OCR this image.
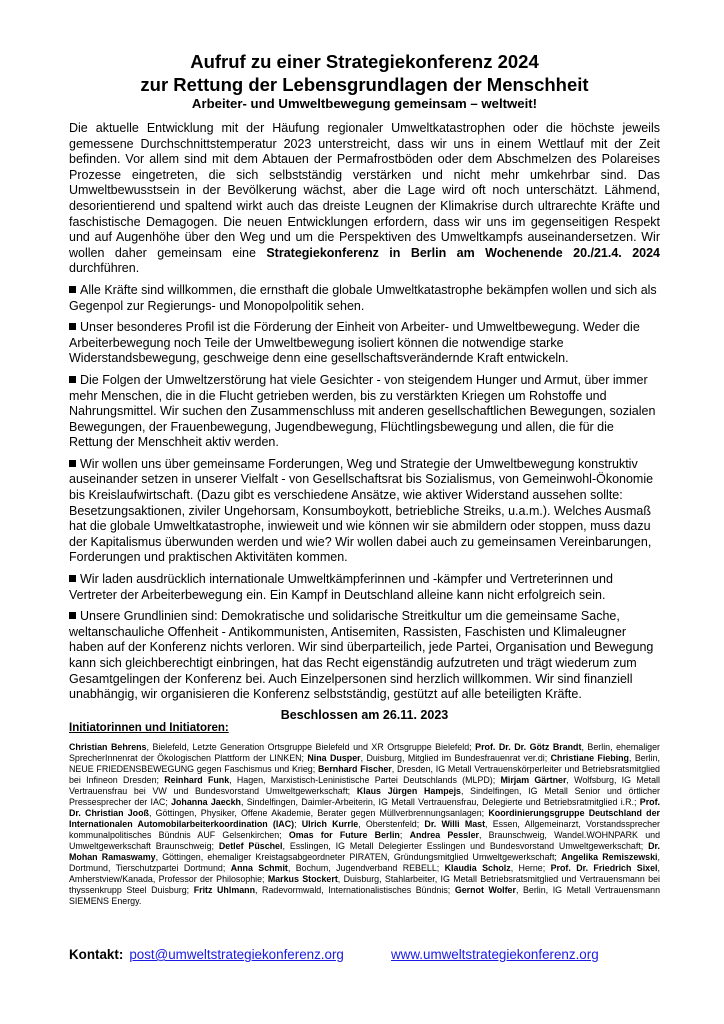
Aufruf zu einer Strategiekonferenz 2024
zur Rettung der Lebensgrundlagen der Menschheit
Arbeiter- und Umweltbewegung gemeinsam – weltweit!

Die aktuelle Entwicklung mit der Häufung regionaler Umweltkatastrophen oder die höchste jeweils gemessene Durchschnittstemperatur 2023 unterstreicht, dass wir uns in einem Wettlauf mit der Zeit befinden. Vor allem sind mit dem Abtauen der Permafrostböden oder dem Abschmelzen des Polareises Prozesse eingetreten, die sich selbstständig verstärken und nicht mehr umkehrbar sind. Das Umweltbewusstsein in der Bevölkerung wächst, aber die Lage wird oft noch unterschätzt. Lähmend, desorientierend und spaltend wirkt auch das dreiste Leugnen der Klimakrise durch ultrarechte Kräfte und faschistische Demagogen. Die neuen Entwicklungen erfordern, dass wir uns im gegenseitigen Respekt und auf Augenhöhe über den Weg und um die Perspektiven des Umweltkampfs auseinandersetzen. Wir wollen daher gemeinsam eine Strategiekonferenz in Berlin am Wochenende 20./21.4. 2024 durchführen.

Alle Kräfte sind willkommen, die ernsthaft die globale Umweltkatastrophe bekämpfen wollen und sich als Gegenpol zur Regierungs- und Monopolpolitik sehen.

Unser besonderes Profil ist die Förderung der Einheit von Arbeiter- und Umweltbewegung. Weder die Arbeiterbewegung noch Teile der Umweltbewegung isoliert können die notwendige starke Widerstandsbewegung, geschweige denn eine gesellschaftsverändernde Kraft entwickeln.

Die Folgen der Umweltzerstörung hat viele Gesichter - von steigendem Hunger und Armut, über immer mehr Menschen, die in die Flucht getrieben werden, bis zu verstärkten Kriegen um Rohstoffe und Nahrungsmittel. Wir suchen den Zusammenschluss mit anderen gesellschaftlichen Bewegungen, sozialen Bewegungen, der Frauenbewegung, Jugendbewegung, Flüchtlingsbewegung und allen, die für die Rettung der Menschheit aktiv werden.

Wir wollen uns über gemeinsame Forderungen, Weg und Strategie der Umweltbewegung konstruktiv auseinander setzen in unserer Vielfalt - von Gesellschaftsrat bis Sozialismus, von Gemeinwohl-Ökonomie bis Kreislaufwirtschaft. (Dazu gibt es verschiedene Ansätze, wie aktiver Widerstand aussehen sollte: Besetzungsaktionen, ziviler Ungehorsam, Konsumboykott, betriebliche Streiks, u.a.m.). Welches Ausmaß hat die globale Umweltkatastrophe, inwieweit und wie können wir sie abmildern oder stoppen, muss dazu der Kapitalismus überwunden werden und wie? Wir wollen dabei auch zu gemeinsamen Vereinbarungen, Forderungen und praktischen Aktivitäten kommen.

Wir laden ausdrücklich internationale Umweltkämpferinnen und -kämpfer und Vertreterinnen und Vertreter der Arbeiterbewegung ein. Ein Kampf in Deutschland alleine kann nicht erfolgreich sein.

Unsere Grundlinien sind: Demokratische und solidarische Streitkultur um die gemeinsame Sache, weltanschauliche Offenheit - Antikommunisten, Antisemiten, Rassisten, Faschisten und Klimaleugner haben auf der Konferenz nichts verloren. Wir sind überparteilich, jede Partei, Organisation und Bewegung kann sich gleichberechtigt einbringen, hat das Recht eigenständig aufzutreten und trägt wiederum zum Gesamtgelingen der Konferenz bei. Auch Einzelpersonen sind herzlich willkommen. Wir sind finanziell unabhängig, wir organisieren die Konferenz selbstständig, gestützt auf alle beteiligten Kräfte.

Beschlossen am 26.11. 2023
Initiatorinnen und Initiatoren:

Christian Behrens, Bielefeld, Letzte Generation Ortsgruppe Bielefeld und XR Ortsgruppe Bielefeld; Prof. Dr. Dr. Götz Brandt, Berlin, ehemaliger SprecherInnenrat der Ökologischen Plattform der LINKEN; Nina Dusper, Duisburg, Mitglied im Bundesfrauenrat ver.di; Christiane Fiebing, Berlin, NEUE FRIEDENSBEWEGUNG gegen Faschismus und Krieg; Bernhard Fischer, Dresden, IG Metall Vertrauenskörperleiter und Betriebsratsmitglied bei Infineon Dresden; Reinhard Funk, Hagen, Marxistisch-Leninistische Partei Deutschlands (MLPD); Mirjam Gärtner, Wolfsburg, IG Metall Vertrauensfrau bei VW und Bundesvorstand Umweltgewerkschaft; Klaus Jürgen Hampejs, Sindelfingen, IG Metall Senior und örtlicher Pressesprecher der IAC; Johanna Jaeckh, Sindelfingen, Daimler-Arbeiterin, IG Metall Vertrauensfrau, Delegierte und Betriebsratmitglied i.R.; Prof. Dr. Christian Jooß, Göttingen, Physiker, Offene Akademie, Berater gegen Müllverbrennungsanlagen; Koordinierungsgruppe Deutschland der Internationalen Automobilarbeiterkoordination (IAC); Ulrich Kurrle, Oberstenfeld; Dr. Willi Mast, Essen, Allgemeinarzt, Vorstandssprecher kommunalpolitisches Bündnis AUF Gelsenkirchen; Omas for Future Berlin; Andrea Pessler, Braunschweig, Wandel.WOHNPARK und Umweltgewerkschaft Braunschweig; Detlef Püschel, Esslingen, IG Metall Delegierter Esslingen und Bundesvorstand Umweltgewerkschaft; Dr. Mohan Ramaswamy, Göttingen, ehemaliger Kreistagsabgeordneter PIRATEN, Gründungsmitglied Umweltgewerkschaft; Angelika Remiszewski, Dortmund, Tierschutzpartei Dortmund; Anna Schmit, Bochum, Jugendverband REBELL; Klaudia Scholz, Herne; Prof. Dr. Friedrich Sixel, Amherstview/Kanada, Professor der Philosophie; Markus Stockert, Duisburg, Stahlarbeiter, IG Metall Betriebsratsmitglied und Vertrauensmann bei thyssenkrupp Steel Duisburg; Fritz Uhlmann, Radevormwald, Internationalistisches Bündnis; Gernot Wolfer, Berlin, IG Metall Vertrauensmann SIEMENS Energy.

Kontakt: post@umweltstrategiekonferenz.org	www.umweltstrategiekonferenz.org
